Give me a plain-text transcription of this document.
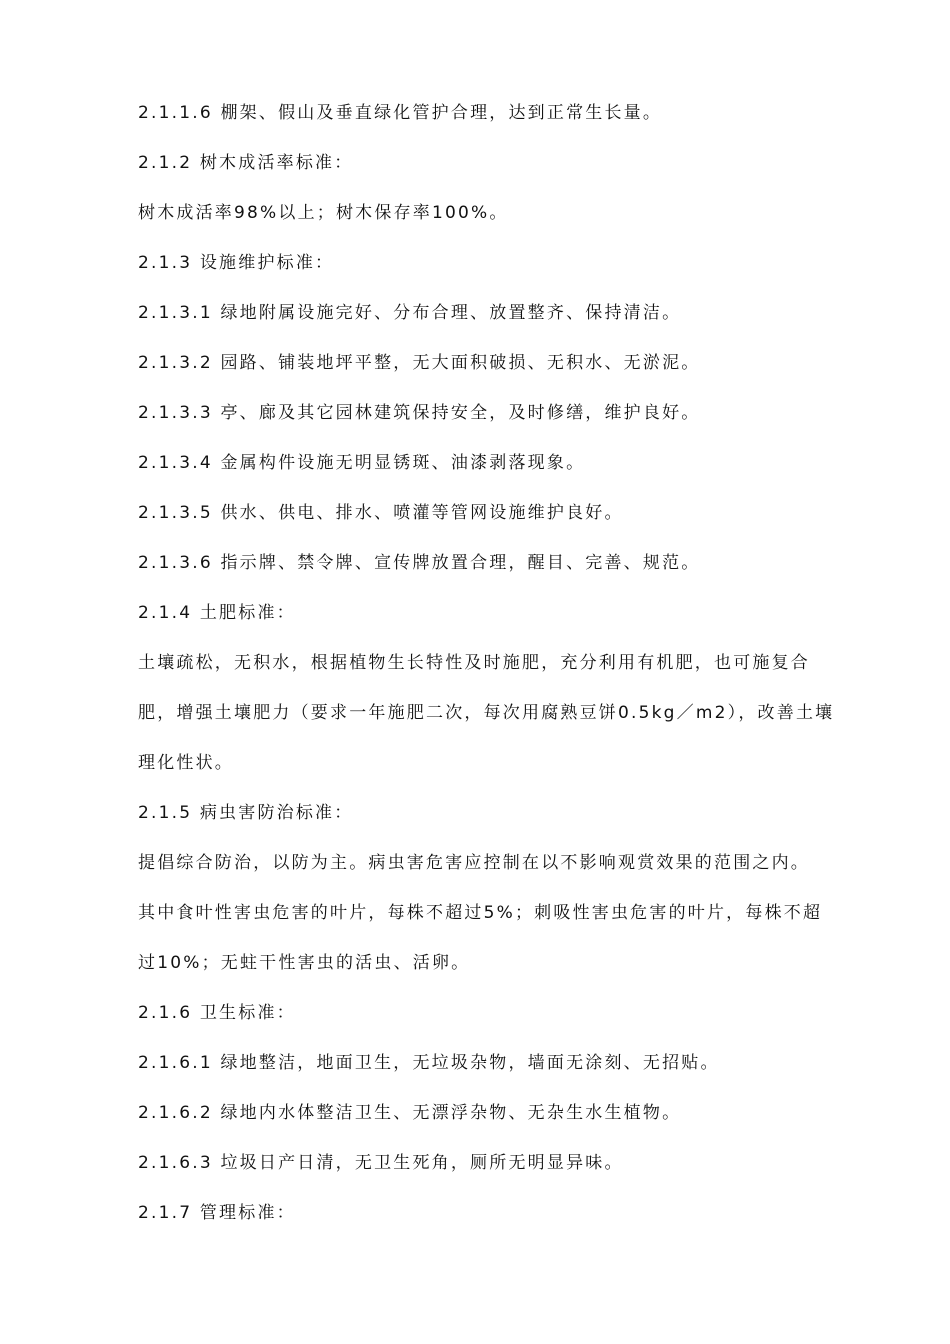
2.1.1.6 棚架、假山及垂直绿化管护合理，达到正常生长量。
2.1.2 树木成活率标准：
树木成活率98%以上；树木保存率100%。
2.1.3 设施维护标准：
2.1.3.1 绿地附属设施完好、分布合理、放置整齐、保持清洁。
2.1.3.2 园路、铺装地坪平整，无大面积破损、无积水、无淤泥。
2.1.3.3 亭、廊及其它园林建筑保持安全，及时修缮，维护良好。
2.1.3.4 金属构件设施无明显锈斑、油漆剥落现象。
2.1.3.5 供水、供电、排水、喷灌等管网设施维护良好。
2.1.3.6 指示牌、禁令牌、宣传牌放置合理，醒目、完善、规范。
2.1.4 土肥标准：
土壤疏松，无积水，根据植物生长特性及时施肥，充分利用有机肥，也可施复合
肥，增强土壤肥力（要求一年施肥二次，每次用腐熟豆饼0.5kg／m2），改善土壤
理化性状。
2.1.5 病虫害防治标准：
提倡综合防治，以防为主。病虫害危害应控制在以不影响观赏效果的范围之内。
其中食叶性害虫危害的叶片，每株不超过5%；刺吸性害虫危害的叶片，每株不超
过10%；无蛀干性害虫的活虫、活卵。
2.1.6 卫生标准：
2.1.6.1 绿地整洁，地面卫生，无垃圾杂物，墙面无涂刻、无招贴。
2.1.6.2 绿地内水体整洁卫生、无漂浮杂物、无杂生水生植物。
2.1.6.3 垃圾日产日清，无卫生死角，厕所无明显异味。
2.1.7 管理标准：
